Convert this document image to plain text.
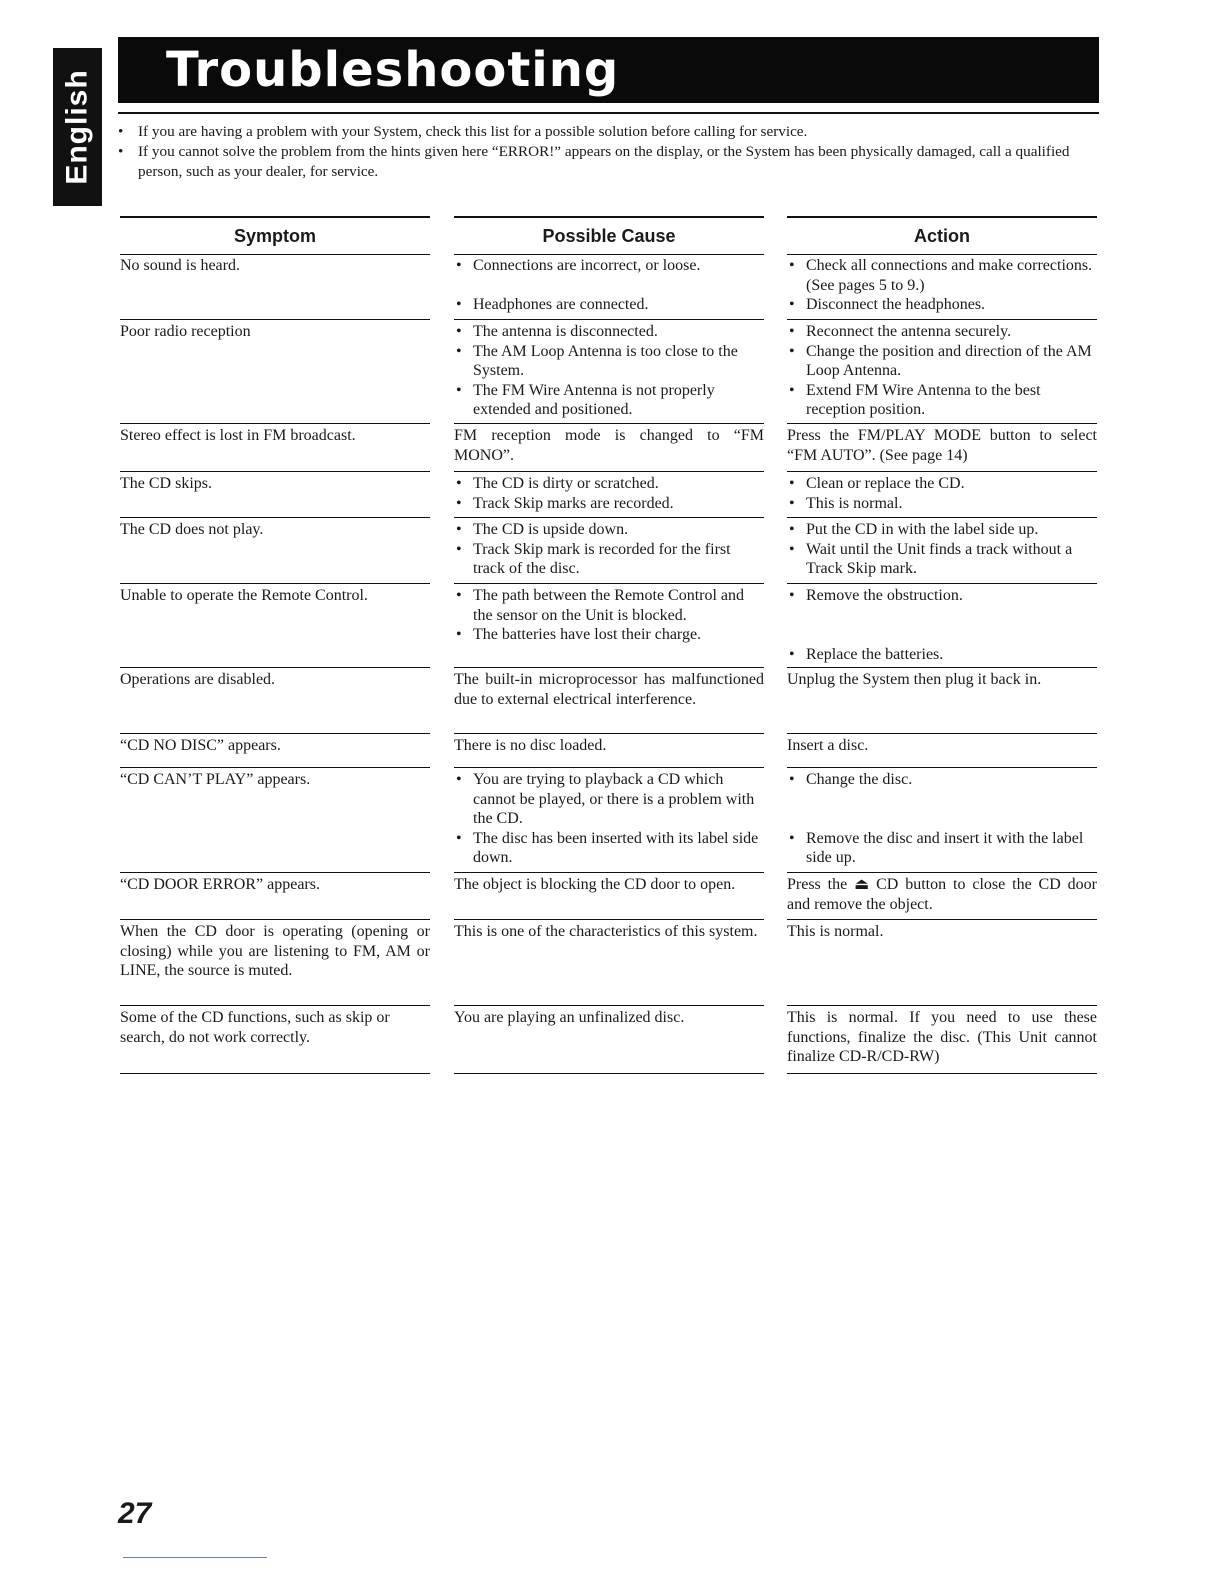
English Troubleshooting
• If you are having a problem with your System, check this list for a possible solution before calling for service.
• If you cannot solve the problem from the hints given here “ERROR!” appears on the display, or the System has been physically damaged, call a qualified person, such as your dealer, for service.
Symptom

No sound is heard.

Poor radio reception

Stereo effect is lost in FM broadcast.

The CD skips.

The CD does not play.

Unable to operate the Remote Control.

Operations are disabled.

“CD NO DISC” appears.

“CD CAN’T PLAY” appears.

“CD DOOR ERROR” appears.

When the CD door is operating (opening or closing) while you are listening to FM, AM or LINE, the source is muted.

Some of the CD functions, such as skip or search, do not work correctly.

Possible Cause
• Connections are incorrect, or loose.
• Headphones are connected.
• The antenna is disconnected.
• The AM Loop Antenna is too close to the System.
• The FM Wire Antenna is not properly extended and positioned.

FM reception mode is changed to “FM MONO”.

• The CD is dirty or scratched.
• Track Skip marks are recorded.
• The CD is upside down.
• Track Skip mark is recorded for the first track of the disc.
• The path between the Remote Control and the sensor on the Unit is blocked.
• The batteries have lost their charge.

The built-in microprocessor has malfunctioned due to external electrical interference.

There is no disc loaded.

• You are trying to playback a CD which cannot be played, or there is a problem with the CD.
• The disc has been inserted with its label side down.

The object is blocking the CD door to open.

This is one of the characteristics of this system.

You are playing an unfinalized disc.

Action
• Check all connections and make corrections. (See pages 5 to 9.)
• Disconnect the headphones.
• Reconnect the antenna securely.
• Change the position and direction of the AM Loop Antenna.
• Extend FM Wire Antenna to the best reception position.

Press the FM/PLAY MODE button to select “FM AUTO”. (See page 14)

• Clean or replace the CD.
• This is normal.
• Put the CD in with the label side up.
• Wait until the Unit finds a track without a Track Skip mark.
• Remove the obstruction.
• Replace the batteries.

Unplug the System then plug it back in.

Insert a disc.

• Change the disc.
• Remove the disc and insert it with the label side up.

Press the ⏏ CD button to close the CD door and remove the object.

This is normal.

This is normal. If you need to use these functions, finalize the disc. (This Unit cannot finalize CD-R/CD-RW)

27
